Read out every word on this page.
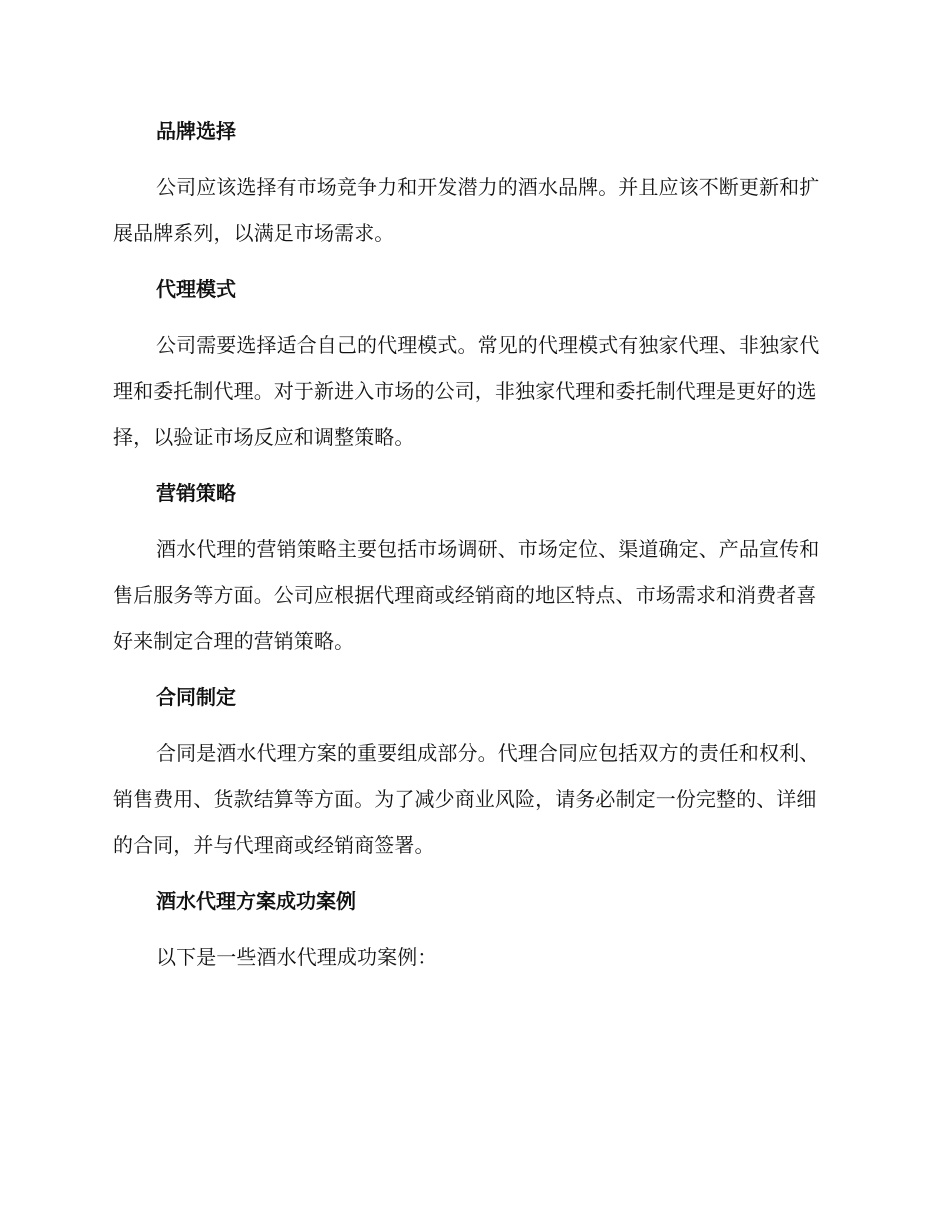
品牌选择

公司应该选择有市场竞争力和开发潜力的酒水品牌。并且应该不断更新和扩展品牌系列，以满足市场需求。

代理模式

公司需要选择适合自己的代理模式。常见的代理模式有独家代理、非独家代理和委托制代理。对于新进入市场的公司，非独家代理和委托制代理是更好的选择，以验证市场反应和调整策略。

营销策略

酒水代理的营销策略主要包括市场调研、市场定位、渠道确定、产品宣传和售后服务等方面。公司应根据代理商或经销商的地区特点、市场需求和消费者喜好来制定合理的营销策略。

合同制定

合同是酒水代理方案的重要组成部分。代理合同应包括双方的责任和权利、销售费用、货款结算等方面。为了减少商业风险，请务必制定一份完整的、详细的合同，并与代理商或经销商签署。

酒水代理方案成功案例

以下是一些酒水代理成功案例：
